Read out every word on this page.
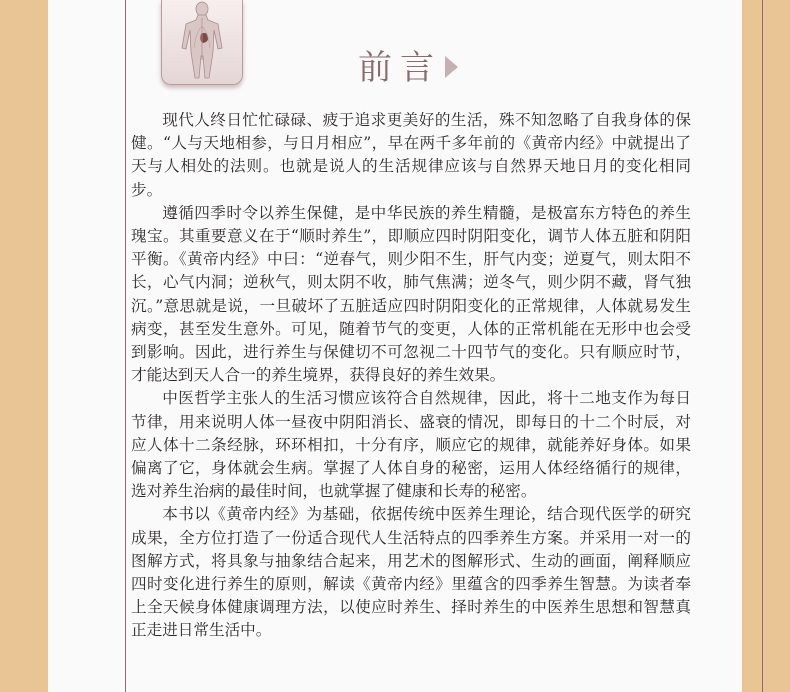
前言

现代人终日忙忙碌碌、疲于追求更美好的生活，殊不知忽略了自我身体的保健。“人与天地相参，与日月相应”，早在两千多年前的《黄帝内经》中就提出了天与人相处的法则。也就是说人的生活规律应该与自然界天地日月的变化相同步。

遵循四季时令以养生保健，是中华民族的养生精髓，是极富东方特色的养生瑰宝。其重要意义在于“顺时养生”，即顺应四时阴阳变化，调节人体五脏和阴阳平衡。《黄帝内经》中曰：“逆春气，则少阳不生，肝气内变；逆夏气，则太阳不长，心气内洞；逆秋气，则太阴不收，肺气焦满；逆冬气，则少阴不藏，肾气独沉。”意思就是说，一旦破坏了五脏适应四时阴阳变化的正常规律，人体就易发生病变，甚至发生意外。可见，随着节气的变更，人体的正常机能在无形中也会受到影响。因此，进行养生与保健切不可忽视二十四节气的变化。只有顺应时节，才能达到天人合一的养生境界，获得良好的养生效果。

中医哲学主张人的生活习惯应该符合自然规律，因此，将十二地支作为每日节律，用来说明人体一昼夜中阴阳消长、盛衰的情况，即每日的十二个时辰，对应人体十二条经脉，环环相扣，十分有序，顺应它的规律，就能养好身体。如果偏离了它，身体就会生病。掌握了人体自身的秘密，运用人体经络循行的规律，选对养生治病的最佳时间，也就掌握了健康和长寿的秘密。

本书以《黄帝内经》为基础，依据传统中医养生理论，结合现代医学的研究成果，全方位打造了一份适合现代人生活特点的四季养生方案。并采用一对一的图解方式，将具象与抽象结合起来，用艺术的图解形式、生动的画面，阐释顺应四时变化进行养生的原则，解读《黄帝内经》里蕴含的四季养生智慧。为读者奉上全天候身体健康调理方法，以使应时养生、择时养生的中医养生思想和智慧真正走进日常生活中。
